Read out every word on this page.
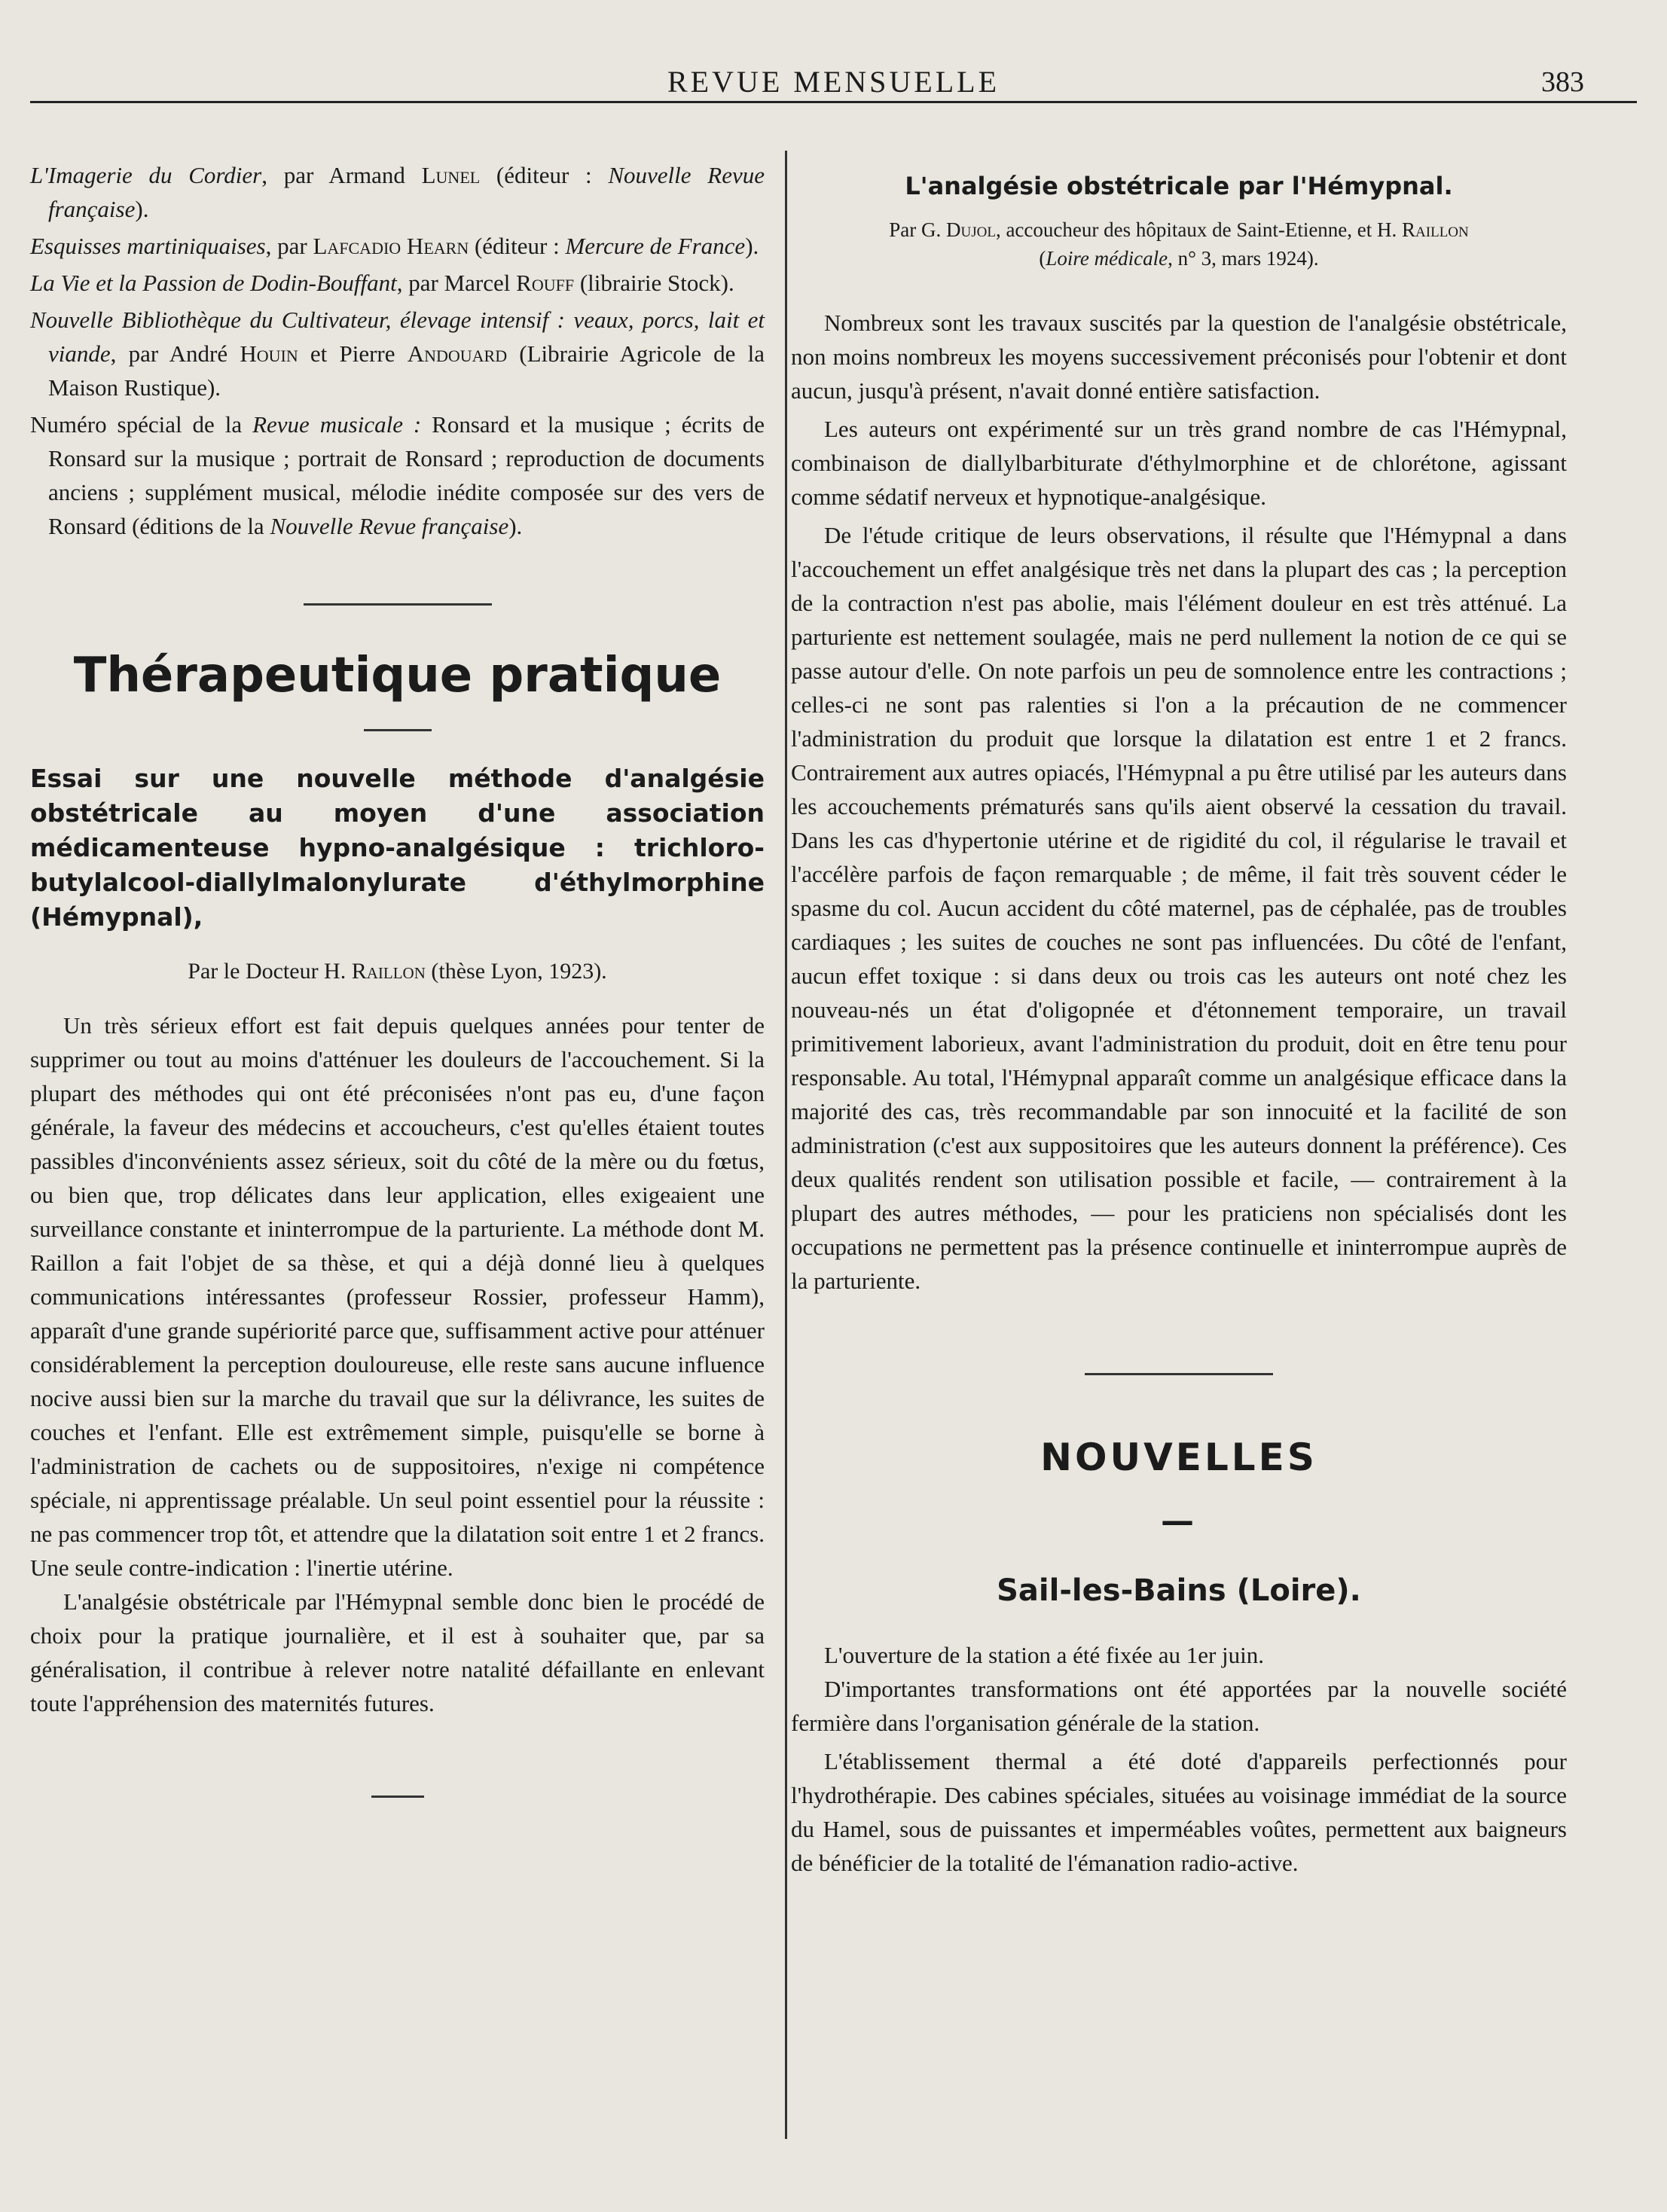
REVUE MENSUELLE	383

L'Imagerie du Cordier, par Armand Lunel (éditeur : Nouvelle Revue française).

Esquisses martiniquaises, par Lafcadio Hearn (éditeur : Mercure de France).

La Vie et la Passion de Dodin-Bouffant, par Marcel Rouff (librairie Stock).

Nouvelle Bibliothèque du Cultivateur, élevage intensif : veaux, porcs, lait et viande, par André Houin et Pierre Andouard (Librairie Agricole de la Maison Rustique).

Numéro spécial de la Revue musicale : Ronsard et la musique ; écrits de Ronsard sur la musique ; portrait de Ronsard ; reproduction de documents anciens ; supplément musical, mélodie inédite composée sur des vers de Ronsard (éditions de la Nouvelle Revue française).

Thérapeutique pratique

Essai sur une nouvelle méthode d'analgésie obstétricale au moyen d'une association médicamenteuse hypno-analgésique : trichloro-butylalcool-diallylmalonylurate d'éthylmorphine (Hémypnal),

Par le Docteur H. Raillon (thèse Lyon, 1923).

Un très sérieux effort est fait depuis quelques années pour tenter de supprimer ou tout au moins d'atténuer les douleurs de l'accouchement. Si la plupart des méthodes qui ont été préconisées n'ont pas eu, d'une façon générale, la faveur des médecins et accoucheurs, c'est qu'elles étaient toutes passibles d'inconvénients assez sérieux, soit du côté de la mère ou du fœtus, ou bien que, trop délicates dans leur application, elles exigeaient une surveillance constante et ininterrompue de la parturiente. La méthode dont M. Raillon a fait l'objet de sa thèse, et qui a déjà donné lieu à quelques communications intéressantes (professeur Rossier, professeur Hamm), apparaît d'une grande supériorité parce que, suffisamment active pour atténuer considérablement la perception douloureuse, elle reste sans aucune influence nocive aussi bien sur la marche du travail que sur la délivrance, les suites de couches et l'enfant. Elle est extrêmement simple, puisqu'elle se borne à l'administration de cachets ou de suppositoires, n'exige ni compétence spéciale, ni apprentissage préalable. Un seul point essentiel pour la réussite : ne pas commencer trop tôt, et attendre que la dilatation soit entre 1 et 2 francs. Une seule contre-indication : l'inertie utérine.

L'analgésie obstétricale par l'Hémypnal semble donc bien le procédé de choix pour la pratique journalière, et il est à souhaiter que, par sa généralisation, il contribue à relever notre natalité défaillante en enlevant toute l'appréhension des maternités futures.

L'analgésie obstétricale par l'Hémypnal.

Par G. Dujol, accoucheur des hôpitaux de Saint-Etienne, et H. Raillon
(Loire médicale, n° 3, mars 1924).

Nombreux sont les travaux suscités par la question de l'analgésie obstétricale, non moins nombreux les moyens successivement préconisés pour l'obtenir et dont aucun, jusqu'à présent, n'avait donné entière satisfaction.

Les auteurs ont expérimenté sur un très grand nombre de cas l'Hémypnal, combinaison de diallylbarbiturate d'éthylmorphine et de chlorétone, agissant comme sédatif nerveux et hypnotique-analgésique.

De l'étude critique de leurs observations, il résulte que l'Hémypnal a dans l'accouchement un effet analgésique très net dans la plupart des cas ; la perception de la contraction n'est pas abolie, mais l'élément douleur en est très atténué. La parturiente est nettement soulagée, mais ne perd nullement la notion de ce qui se passe autour d'elle. On note parfois un peu de somnolence entre les contractions ; celles-ci ne sont pas ralenties si l'on a la précaution de ne commencer l'administration du produit que lorsque la dilatation est entre 1 et 2 francs. Contrairement aux autres opiacés, l'Hémypnal a pu être utilisé par les auteurs dans les accouchements prématurés sans qu'ils aient observé la cessation du travail. Dans les cas d'hypertonie utérine et de rigidité du col, il régularise le travail et l'accélère parfois de façon remarquable ; de même, il fait très souvent céder le spasme du col. Aucun accident du côté maternel, pas de céphalée, pas de troubles cardiaques ; les suites de couches ne sont pas influencées. Du côté de l'enfant, aucun effet toxique : si dans deux ou trois cas les auteurs ont noté chez les nouveau-nés un état d'oligopnée et d'étonnement temporaire, un travail primitivement laborieux, avant l'administration du produit, doit en être tenu pour responsable. Au total, l'Hémypnal apparaît comme un analgésique efficace dans la majorité des cas, très recommandable par son innocuité et la facilité de son administration (c'est aux suppositoires que les auteurs donnent la préférence). Ces deux qualités rendent son utilisation possible et facile, — contrairement à la plupart des autres méthodes, — pour les praticiens non spécialisés dont les occupations ne permettent pas la présence continuelle et ininterrompue auprès de la parturiente.

NOUVELLES

—

Sail-les-Bains (Loire).

L'ouverture de la station a été fixée au 1er juin.

D'importantes transformations ont été apportées par la nouvelle société fermière dans l'organisation générale de la station.

L'établissement thermal a été doté d'appareils perfectionnés pour l'hydrothérapie. Des cabines spéciales, situées au voisinage immédiat de la source du Hamel, sous de puissantes et imperméables voûtes, permettent aux baigneurs de bénéficier de la totalité de l'émanation radio-active.
